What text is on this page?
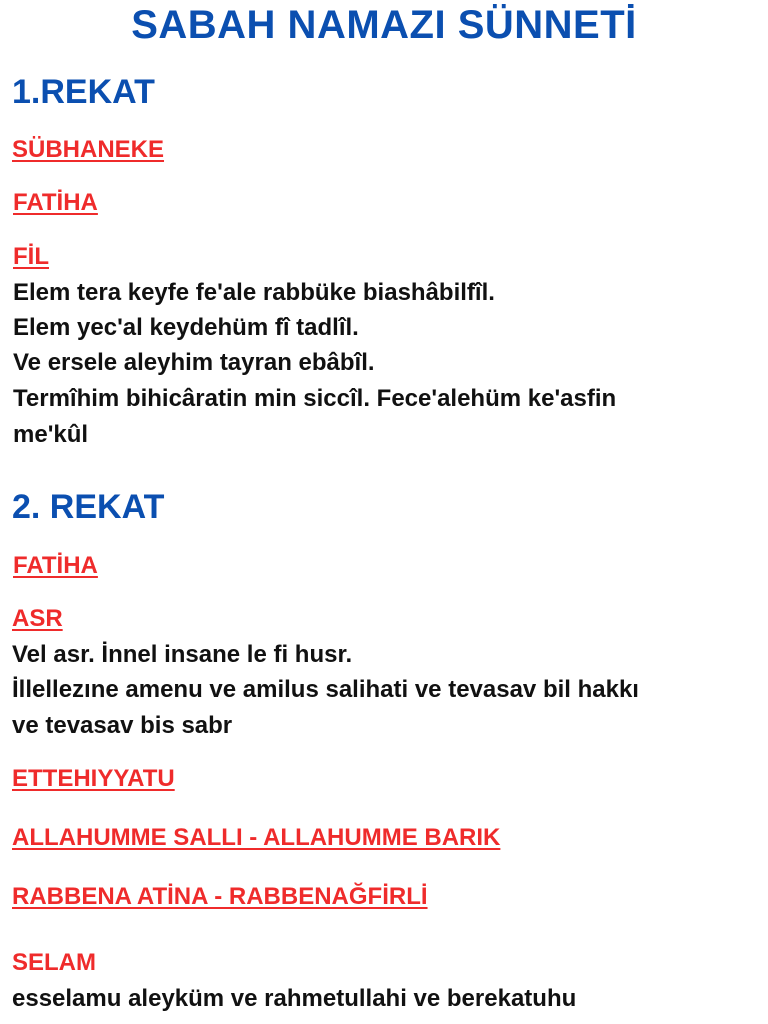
SABAH NAMAZI SÜNNETİ
1.REKAT
SÜBHANEKE
FATİHA
FİL
Elem tera keyfe fe'ale rabbüke biashâbilfîl.
Elem yec'al keydehüm fî tadlîl.
Ve ersele aleyhim tayran ebâbîl.
Termîhim bihicâratin min siccîl. Fece'alehüm ke'asfin
me'kûl
2. REKAT
FATİHA
ASR
Vel asr. İnnel insane le fi husr.
İllellezıne amenu ve amilus salihati ve tevasav bil hakkı
ve tevasav bis sabr
ETTEHIYYATU
ALLAHUMME SALLI - ALLAHUMME BARIK
RABBENA ATİNA - RABBENAĞFİRLİ
SELAM
esselamu aleyküm ve rahmetullahi ve berekatuhu
